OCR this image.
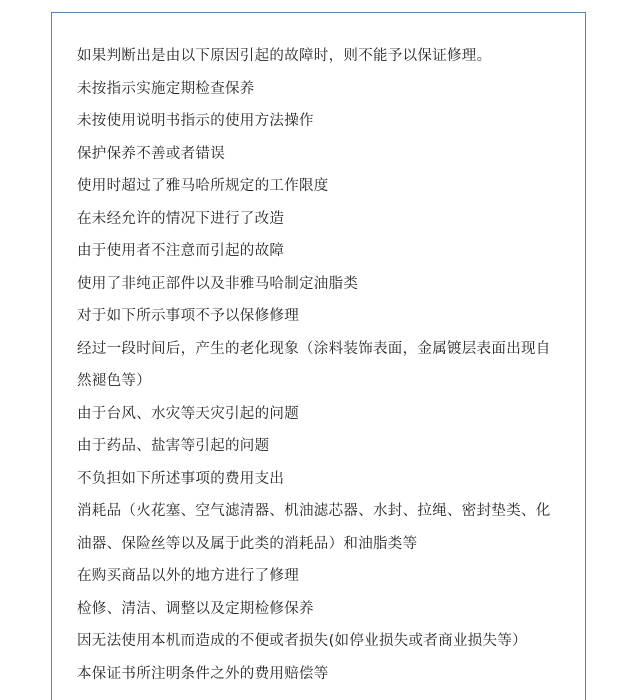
如果判断出是由以下原因引起的故障时，则不能予以保证修理。
未按指示实施定期检查保养
未按使用说明书指示的使用方法操作
保护保养不善或者错误
使用时超过了雅马哈所规定的工作限度
在未经允许的情况下进行了改造
由于使用者不注意而引起的故障
使用了非纯正部件以及非雅马哈制定油脂类
对于如下所示事项不予以保修修理
经过一段时间后，产生的老化现象（涂料装饰表面，金属镀层表面出现自
然褪色等）
由于台风、水灾等天灾引起的问题
由于药品、盐害等引起的问题
不负担如下所述事项的费用支出
消耗品（火花塞、空气滤清器、机油滤芯器、水封、拉绳、密封垫类、化
油器、保险丝等以及属于此类的消耗品）和油脂类等
在购买商品以外的地方进行了修理
检修、清洁、调整以及定期检修保养
因无法使用本机而造成的不便或者损失(如停业损失或者商业损失等）
本保证书所注明条件之外的费用赔偿等
